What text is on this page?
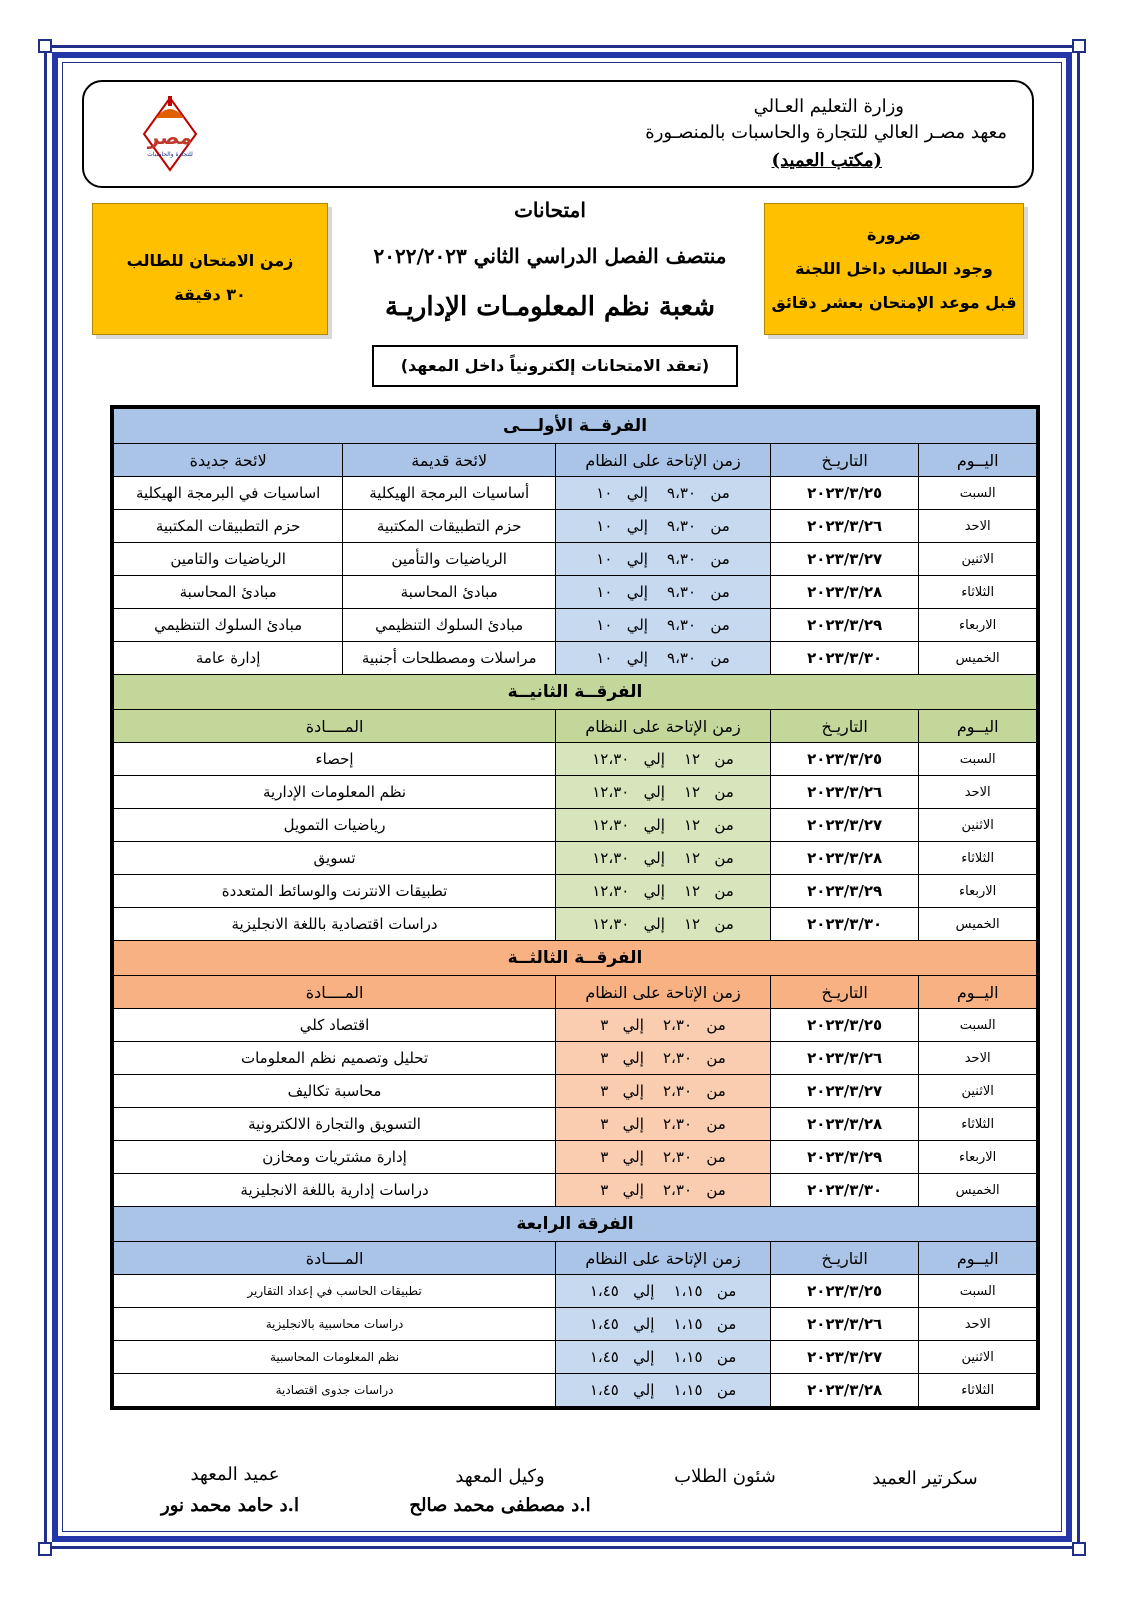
وزارة التعليم العـالي
معهد مصـر العالي للتجارة والحاسبات بالمنصـورة
(مكتب العميد)
مصر
للتجارة والحاسبات
زمن الامتحان للطالب
٣٠ دقيقة
ضرورة
وجود الطالب داخل اللجنة
قبل موعد الإمتحان بعشر دقائق
امتحانات
منتصف الفصل الدراسي الثاني ٢٠٢٢/٢٠٢٣
شعبة نظم المعلومـات الإداريـة
(تعقد الامتحانات إلكترونياً داخل المعهد)
الفرقــة الأولـــى				
اليــوم	التاريـخ	زمن الإتاحة على النظام	لائحة قديمة	لائحة جديدة
السبت	٢٠٢٣/٣/٢٥	من   ٩،٣٠    إلي   ١٠	أساسيات البرمجة الهيكلية	اساسيات في البرمجة الهيكلية
الاحد	٢٠٢٣/٣/٢٦	من   ٩،٣٠    إلي   ١٠	حزم التطبيقات المكتبية	حزم التطبيقات المكتبية
الاثنين	٢٠٢٣/٣/٢٧	من   ٩،٣٠    إلي   ١٠	الرياضيات والتأمين	الرياضيات والتامين
الثلاثاء	٢٠٢٣/٣/٢٨	من   ٩،٣٠    إلي   ١٠	مبادئ المحاسبة	مبادئ المحاسبة
الاربعاء	٢٠٢٣/٣/٢٩	من   ٩،٣٠    إلي   ١٠	مبادئ السلوك التنظيمي	مبادئ السلوك التنظيمي
الخميس	٢٠٢٣/٣/٣٠	من   ٩،٣٠    إلي   ١٠	مراسلات ومصطلحات أجنبية	إدارة عامة
الفرقــة الثانيــة				
اليــوم	التاريـخ	زمن الإتاحة على النظام	المــــادة	
السبت	٢٠٢٣/٣/٢٥	من   ١٢    إلي   ١٢،٣٠	إحصاء	
الاحد	٢٠٢٣/٣/٢٦	من   ١٢    إلي   ١٢،٣٠	نظم المعلومات الإدارية	
الاثنين	٢٠٢٣/٣/٢٧	من   ١٢    إلي   ١٢،٣٠	رياضيات التمويل	
الثلاثاء	٢٠٢٣/٣/٢٨	من   ١٢    إلي   ١٢،٣٠	تسويق	
الاربعاء	٢٠٢٣/٣/٢٩	من   ١٢    إلي   ١٢،٣٠	تطبيقات الانترنت والوسائط المتعددة	
الخميس	٢٠٢٣/٣/٣٠	من   ١٢    إلي   ١٢،٣٠	دراسات اقتصادية باللغة الانجليزية	
الفرقــة الثالثــة				
اليــوم	التاريـخ	زمن الإتاحة على النظام	المــــادة	
السبت	٢٠٢٣/٣/٢٥	من   ٢،٣٠    إلي   ٣	اقتصاد كلي	
الاحد	٢٠٢٣/٣/٢٦	من   ٢،٣٠    إلي   ٣	تحليل وتصميم نظم المعلومات	
الاثنين	٢٠٢٣/٣/٢٧	من   ٢،٣٠    إلي   ٣	محاسبة تكاليف	
الثلاثاء	٢٠٢٣/٣/٢٨	من   ٢،٣٠    إلي   ٣	التسويق والتجارة الالكترونية	
الاربعاء	٢٠٢٣/٣/٢٩	من   ٢،٣٠    إلي   ٣	إدارة مشتريات ومخازن	
الخميس	٢٠٢٣/٣/٣٠	من   ٢،٣٠    إلي   ٣	دراسات إدارية باللغة الانجليزية	
الفرقة الرابعة				
اليــوم	التاريـخ	زمن الإتاحة على النظام	المــــادة	
السبت	٢٠٢٣/٣/٢٥	من   ١،١٥    إلي   ١،٤٥	تطبيقات الحاسب في إعداد التقارير	
الاحد	٢٠٢٣/٣/٢٦	من   ١،١٥    إلي   ١،٤٥	دراسات محاسبية بالانجليزية	
الاثنين	٢٠٢٣/٣/٢٧	من   ١،١٥    إلي   ١،٤٥	نظم المعلومات المحاسبية	
الثلاثاء	٢٠٢٣/٣/٢٨	من   ١،١٥    إلي   ١،٤٥	دراسات جدوى اقتصادية	
سكرتير العميد
شئون الطلاب
وكيل المعهد
ا.د مصطفى محمد صالح
عميد المعهد
ا.د حامد محمد نور
